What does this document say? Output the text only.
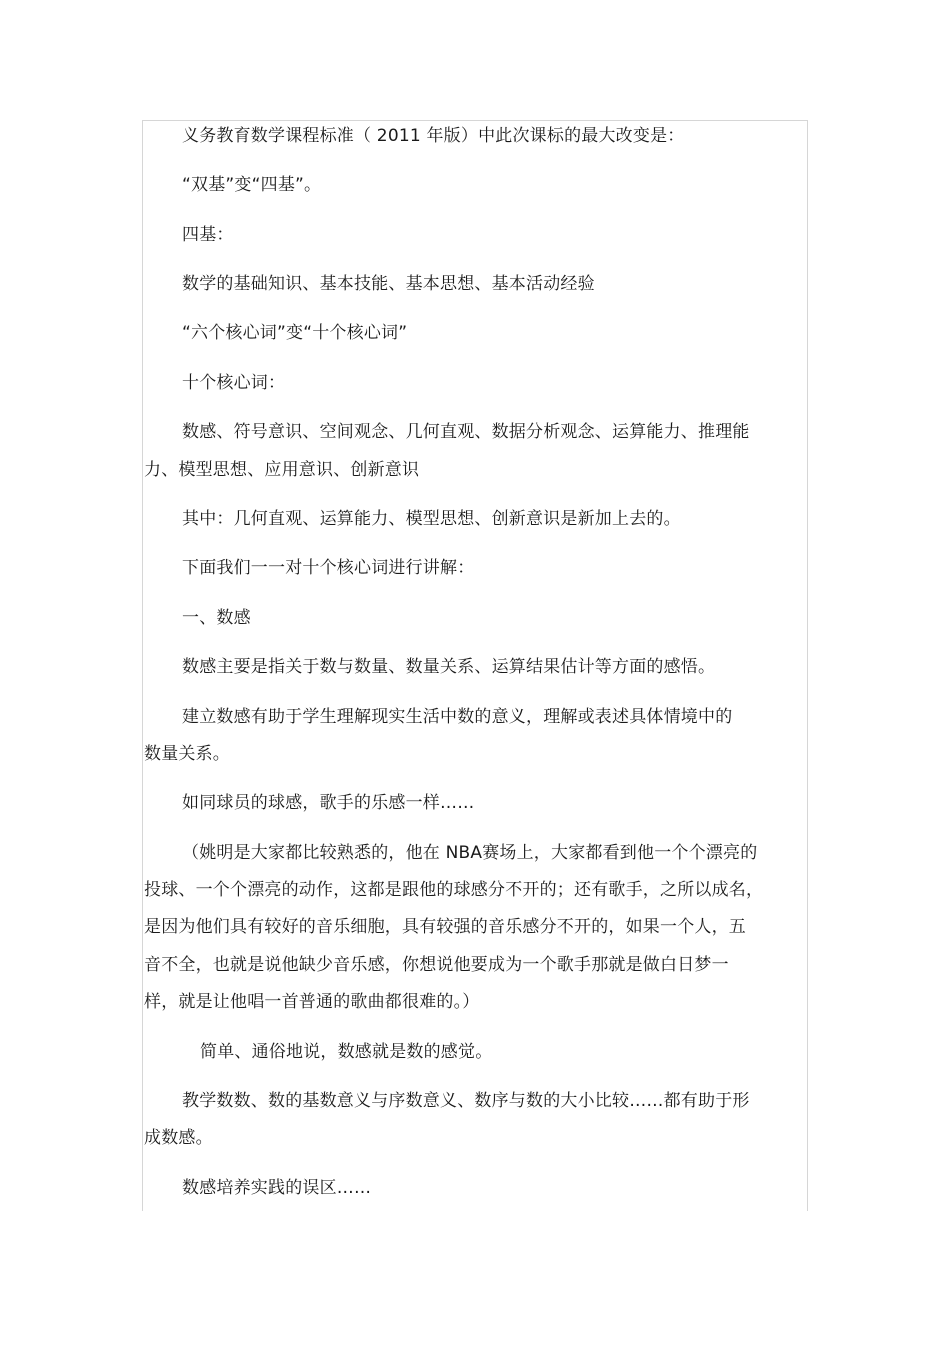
义务教育数学课程标准（ 2011 年版）中此次课标的最大改变是：
“双基”变“四基”。
四基：
数学的基础知识、基本技能、基本思想、基本活动经验
“六个核心词”变“十个核心词”
十个核心词：
数感、符号意识、空间观念、几何直观、数据分析观念、运算能力、推理能
力、模型思想、应用意识、创新意识
其中：几何直观、运算能力、模型思想、创新意识是新加上去的。
下面我们一一对十个核心词进行讲解：
一、数感
数感主要是指关于数与数量、数量关系、运算结果估计等方面的感悟。
建立数感有助于学生理解现实生活中数的意义，理解或表述具体情境中的
数量关系。
如同球员的球感，歌手的乐感一样……
（姚明是大家都比较熟悉的，他在 NBA赛场上，大家都看到他一个个漂亮的
投球、一个个漂亮的动作，这都是跟他的球感分不开的；还有歌手，之所以成名，
是因为他们具有较好的音乐细胞，具有较强的音乐感分不开的，如果一个人，五
音不全，也就是说他缺少音乐感，你想说他要成为一个歌手那就是做白日梦一
样，就是让他唱一首普通的歌曲都很难的。）
简单、通俗地说，数感就是数的感觉。
教学数数、数的基数意义与序数意义、数序与数的大小比较……都有助于形
成数感。
数感培养实践的误区……
